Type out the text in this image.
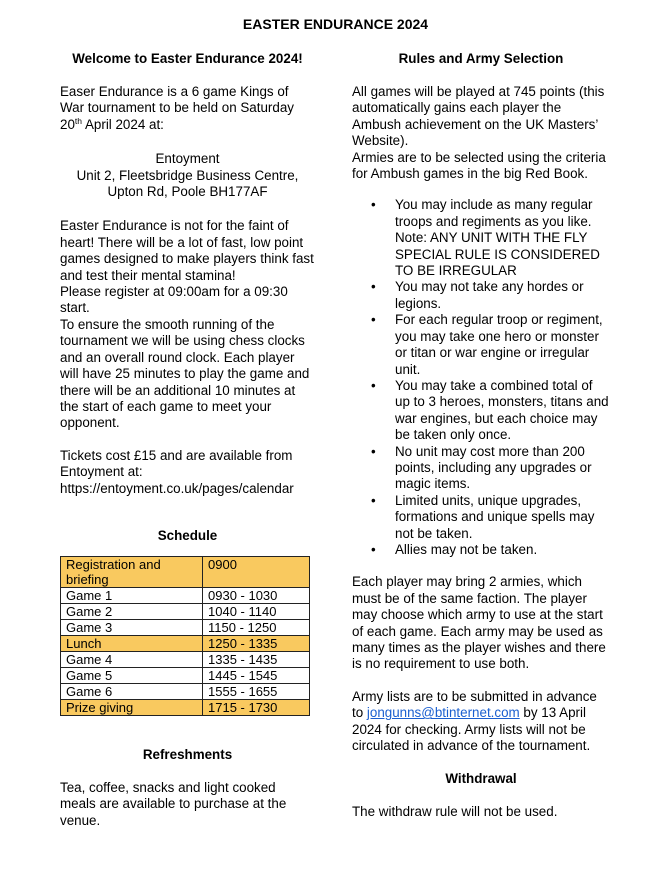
EASTER ENDURANCE 2024
Welcome to Easter Endurance 2024!

Easer Endurance is a 6 game Kings of War tournament to be held on Saturday 20th April 2024 at:

Entoyment
Unit 2, Fleetsbridge Business Centre,
Upton Rd, Poole BH177AF

Easter Endurance is not for the faint of heart! There will be a lot of fast, low point games designed to make players think fast and test their mental stamina!

Please register at 09:00am for a 09:30 start.

To ensure the smooth running of the tournament we will be using chess clocks and an overall round clock. Each player will have 25 minutes to play the game and there will be an additional 10 minutes at the start of each game to meet your opponent.

Tickets cost £15 and are available from Entoyment at:

https://entoyment.co.uk/pages/calendar

Schedule
Registration and briefing	0900
Game 1	0930 - 1030
Game 2	1040 - 1140
Game 3	1150 - 1250
Lunch	1250 - 1335
Game 4	1335 - 1435
Game 5	1445 - 1545
Game 6	1555 - 1655
Prize giving	1715 - 1730
Refreshments

Tea, coffee, snacks and light cooked meals are available to purchase at the venue.

Rules and Army Selection

All games will be played at 745 points (this automatically gains each player the Ambush achievement on the UK Masters’ Website).

Armies are to be selected using the criteria for Ambush games in the big Red Book.

• You may include as many regular troops and regiments as you like. Note: ANY UNIT WITH THE FLY SPECIAL RULE IS CONSIDERED TO BE IRREGULAR
• You may not take any hordes or legions.
• For each regular troop or regiment, you may take one hero or monster or titan or war engine or irregular unit.
• You may take a combined total of up to 3 heroes, monsters, titans and war engines, but each choice may be taken only once.
• No unit may cost more than 200 points, including any upgrades or magic items.
• Limited units, unique upgrades, formations and unique spells may not be taken.
• Allies may not be taken.

Each player may bring 2 armies, which must be of the same faction. The player may choose which army to use at the start of each game. Each army may be used as many times as the player wishes and there is no requirement to use both.

Army lists are to be submitted in advance to jongunns@btinternet.com by 13 April 2024 for checking. Army lists will not be circulated in advance of the tournament.

Withdrawal

The withdraw rule will not be used.
